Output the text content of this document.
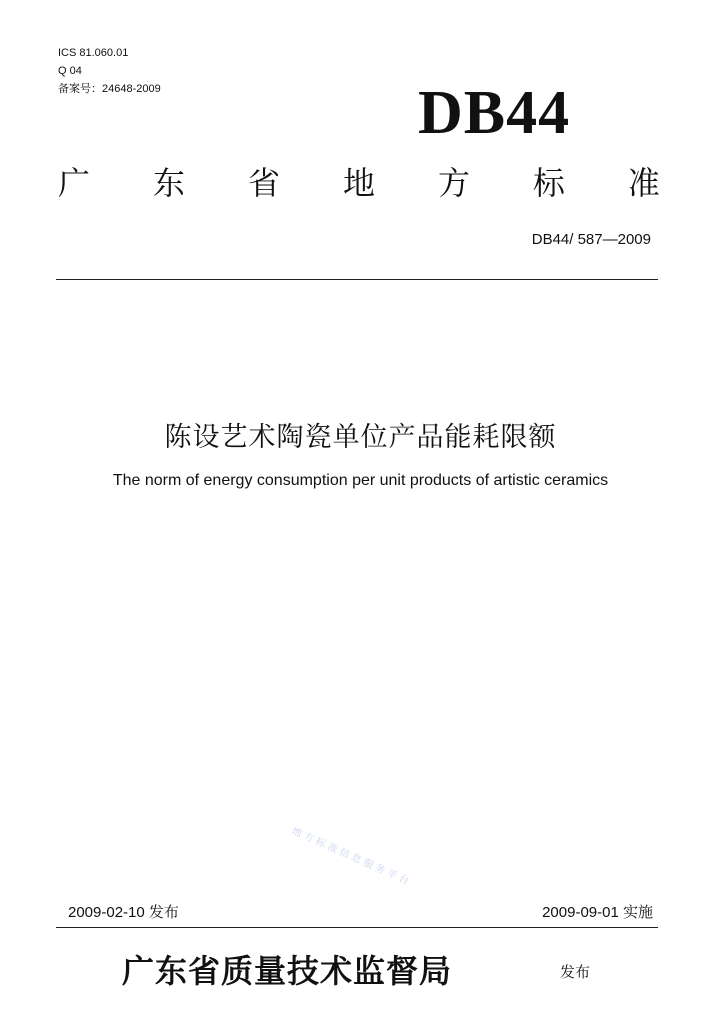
ICS 81.060.01
Q 04
备案号：24648-2009	DB44
广 东 省 地 方 标 准
DB44/ 587—2009
陈设艺术陶瓷单位产品能耗限额
The norm of energy consumption per unit products of artistic ceramics
地方标准信息服务平台
2009-02-10 发布	2009-09-01 实施
广东省质量技术监督局	发布
